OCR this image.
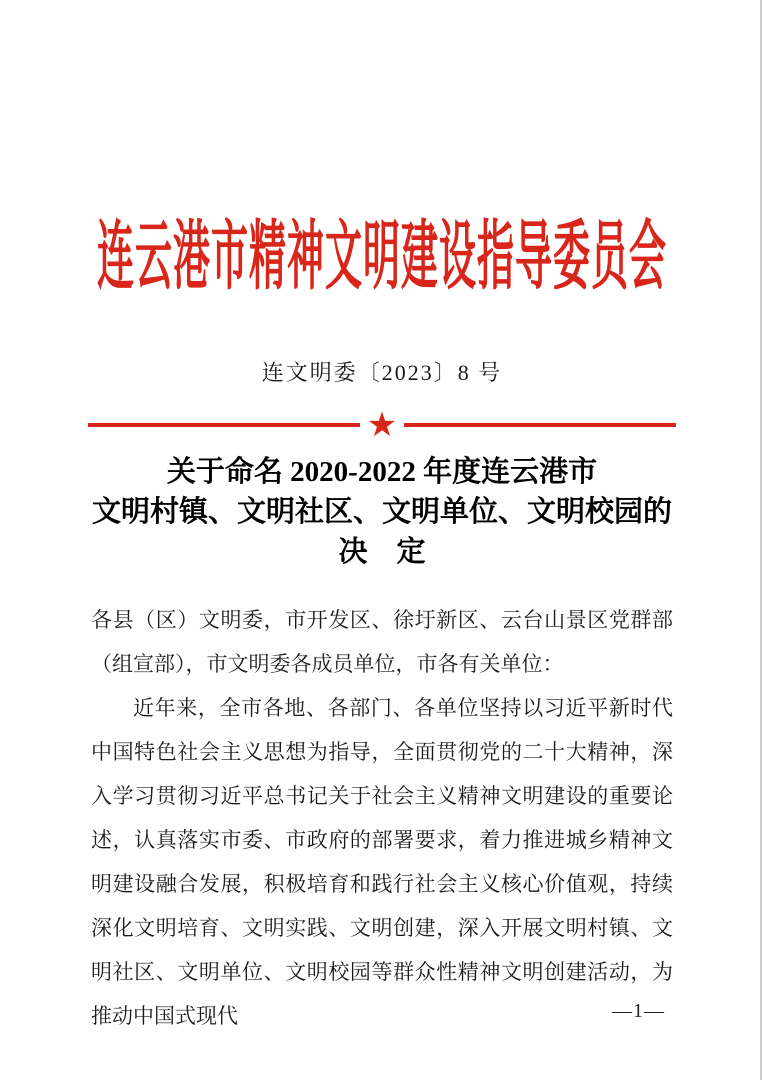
连云港市精神文明建设指导委员会
连文明委〔2023〕8 号
★
关于命名 2020-2022 年度连云港市
文明村镇、文明社区、文明单位、文明校园的
决　定

各县（区）文明委，市开发区、徐圩新区、云台山景区党群部（组宣部），市文明委各成员单位，市各有关单位：

近年来，全市各地、各部门、各单位坚持以习近平新时代中国特色社会主义思想为指导，全面贯彻党的二十大精神，深入学习贯彻习近平总书记关于社会主义精神文明建设的重要论述，认真落实市委、市政府的部署要求，着力推进城乡精神文明建设融合发展，积极培育和践行社会主义核心价值观，持续深化文明培育、文明实践、文明创建，深入开展文明村镇、文明社区、文明单位、文明校园等群众性精神文明创建活动，为推动中国式现代	—1—
